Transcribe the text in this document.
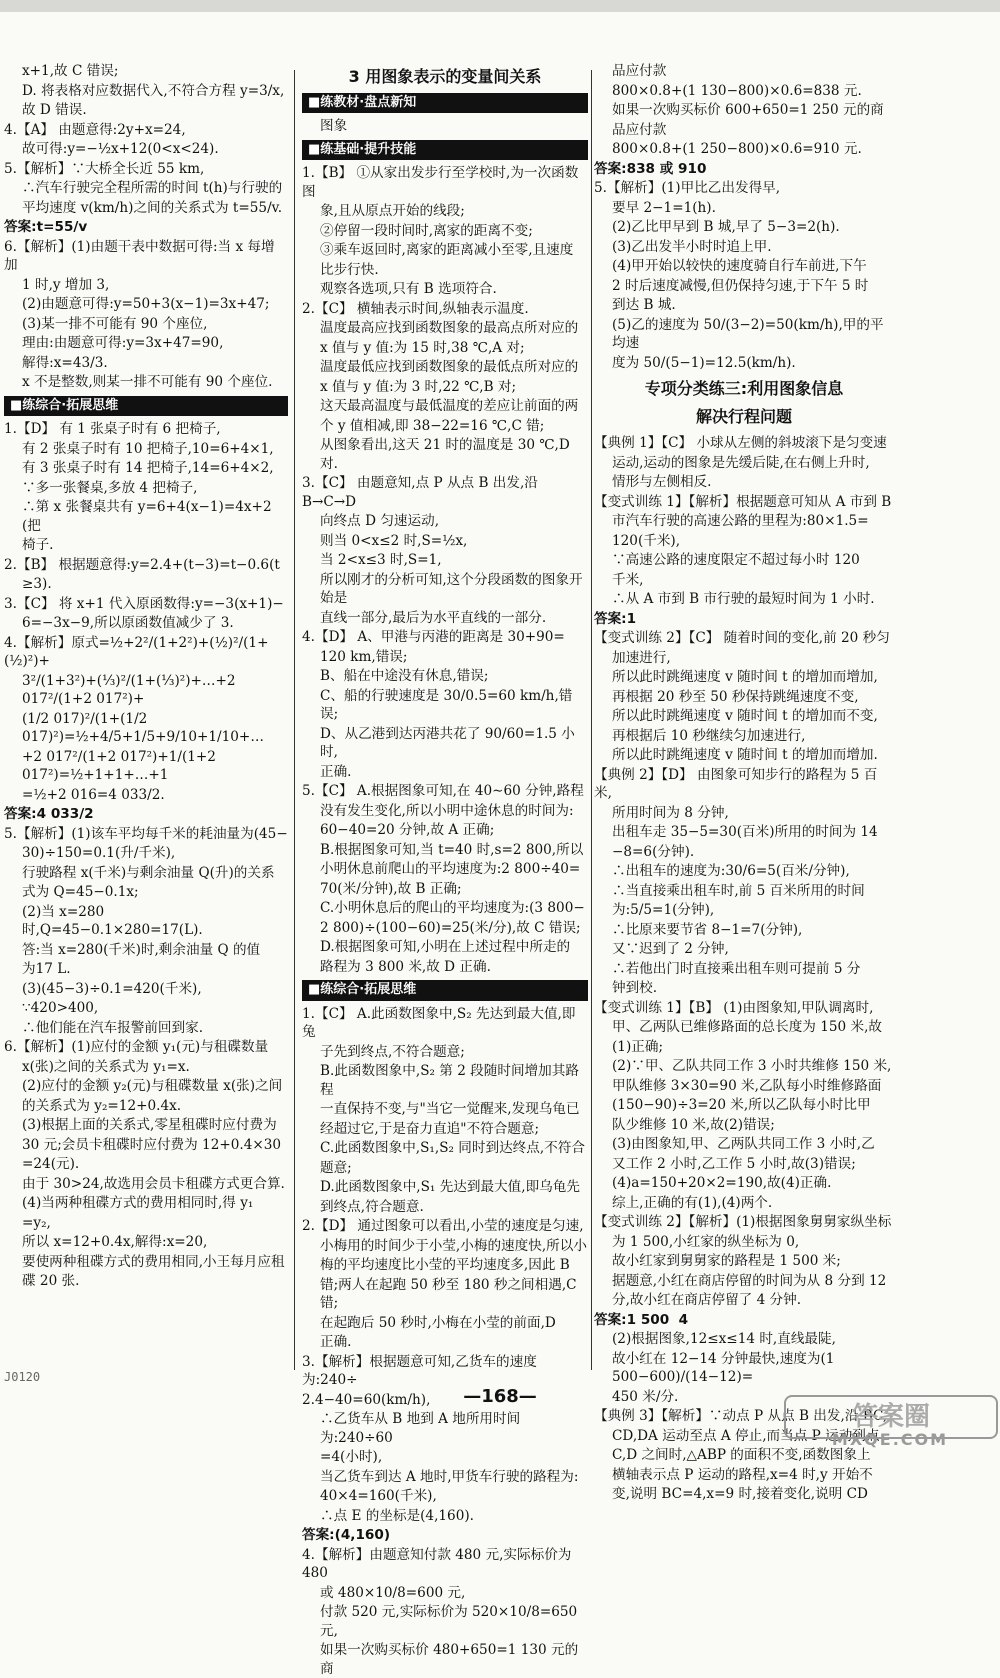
x+1,故 C 错误;
D. 将表格对应数据代入,不符合方程 y=3/x,
故 D 错误.
4.【A】 由题意得:2y+x=24,
故可得:y=−½x+12(0<x<24).
5.【解析】∵大桥全长近 55 km,
∴汽车行驶完全程所需的时间 t(h)与行驶的
平均速度 v(km/h)之间的关系式为 t=55/v.
答案:t=55/v
6.【解析】(1)由题干表中数据可得:当 x 每增加
1 时,y 增加 3,
(2)由题意可得:y=50+3(x−1)=3x+47;
(3)某一排不可能有 90 个座位,
理由:由题意可得:y=3x+47=90,
解得:x=43/3.
x 不是整数,则某一排不可能有 90 个座位.
■练综合·拓展思维
1.【D】 有 1 张桌子时有 6 把椅子,
有 2 张桌子时有 10 把椅子,10=6+4×1,
有 3 张桌子时有 14 把椅子,14=6+4×2,
∵多一张餐桌,多放 4 把椅子,
∴第 x 张餐桌共有 y=6+4(x−1)=4x+2 (把
椅子.
2.【B】 根据题意得:y=2.4+(t−3)=t−0.6(t
≥3).
3.【C】 将 x+1 代入原函数得:y=−3(x+1)−
6=−3x−9,所以原函数值减少了 3.
4.【解析】原式=½+2²/(1+2²)+(½)²/(1+(½)²)+
3²/(1+3²)+(⅓)²/(1+(⅓)²)+…+2 017²/(1+2 017²)+
(1/2 017)²/(1+(1/2 017)²)=½+4/5+1/5+9/10+1/10+…
+2 017²/(1+2 017²)+1/(1+2 017²)=½+1+1+…+1
=½+2 016=4 033/2.
答案:4 033/2
5.【解析】(1)该车平均每千米的耗油量为(45−
30)÷150=0.1(升/千米),
行驶路程 x(千米)与剩余油量 Q(升)的关系
式为 Q=45−0.1x;
(2)当 x=280 时,Q=45−0.1×280=17(L).
答:当 x=280(千米)时,剩余油量 Q 的值
为17 L.
(3)(45−3)÷0.1=420(千米),
∵420>400,
∴他们能在汽车报警前回到家.
6.【解析】(1)应付的金额 y₁(元)与租碟数量
x(张)之间的关系式为 y₁=x.
(2)应付的金额 y₂(元)与租碟数量 x(张)之间
的关系式为 y₂=12+0.4x.
(3)根据上面的关系式,零星租碟时应付费为
30 元;会员卡租碟时应付费为 12+0.4×30
=24(元).
由于 30>24,故选用会员卡租碟方式更合算.
(4)当两种租碟方式的费用相同时,得 y₁
=y₂,
所以 x=12+0.4x,解得:x=20,
要使两种租碟方式的费用相同,小王每月应租
碟 20 张.
3 用图象表示的变量间关系
■练教材·盘点新知
图象
■练基础·提升技能
1.【B】 ①从家出发步行至学校时,为一次函数图
象,且从原点开始的线段;
②停留一段时间时,离家的距离不变;
③乘车返回时,离家的距离减小至零,且速度
比步行快.
观察各选项,只有 B 选项符合.
2.【C】 横轴表示时间,纵轴表示温度.
温度最高应找到函数图象的最高点所对应的
x 值与 y 值:为 15 时,38 ℃,A 对;
温度最低应找到函数图象的最低点所对应的
x 值与 y 值:为 3 时,22 ℃,B 对;
这天最高温度与最低温度的差应让前面的两
个 y 值相减,即 38−22=16 ℃,C 错;
从图象看出,这天 21 时的温度是 30 ℃,D 对.
3.【C】 由题意知,点 P 从点 B 出发,沿 B→C→D
向终点 D 匀速运动,
则当 0<x≤2 时,S=½x,
当 2<x≤3 时,S=1,
所以刚才的分析可知,这个分段函数的图象开始是
直线一部分,最后为水平直线的一部分.
4.【D】 A、甲港与丙港的距离是 30+90=
120 km,错误;
B、船在中途没有休息,错误;
C、船的行驶速度是 30/0.5=60 km/h,错误;
D、从乙港到达丙港共花了 90/60=1.5 小时,
正确.
5.【C】 A.根据图象可知,在 40∼60 分钟,路程
没有发生变化,所以小明中途休息的时间为:
60−40=20 分钟,故 A 正确;
B.根据图象可知,当 t=40 时,s=2 800,所以
小明休息前爬山的平均速度为:2 800÷40=
70(米/分钟),故 B 正确;
C.小明休息后的爬山的平均速度为:(3 800−
2 800)÷(100−60)=25(米/分),故 C 错误;
D.根据图象可知,小明在上述过程中所走的
路程为 3 800 米,故 D 正确.
■练综合·拓展思维
1.【C】 A.此函数图象中,S₂ 先达到最大值,即兔
子先到终点,不符合题意;
B.此函数图象中,S₂ 第 2 段随时间增加其路程
一直保持不变,与"当它一觉醒来,发现乌龟已
经超过它,于是奋力直追"不符合题意;
C.此函数图象中,S₁,S₂ 同时到达终点,不符合
题意;
D.此函数图象中,S₁ 先达到最大值,即乌龟先
到终点,符合题意.
2.【D】 通过图象可以看出,小莹的速度是匀速,
小梅用的时间少于小莹,小梅的速度快,所以小
梅的平均速度比小莹的平均速度多,因此 B
错;两人在起跑 50 秒至 180 秒之间相遇,C 错;
在起跑后 50 秒时,小梅在小莹的前面,D
正确.
3.【解析】根据题意可知,乙货车的速度为:240÷
2.4−40=60(km/h),
∴乙货车从 B 地到 A 地所用时间为:240÷60
=4(小时),
当乙货车到达 A 地时,甲货车行驶的路程为:
40×4=160(千米),
∴点 E 的坐标是(4,160).
答案:(4,160)
4.【解析】由题意知付款 480 元,实际标价为 480
或 480×10/8=600 元,
付款 520 元,实际标价为 520×10/8=650 元,
如果一次购买标价 480+650=1 130 元的商
品应付款
800×0.8+(1 130−800)×0.6=838 元.
如果一次购买标价 600+650=1 250 元的商
品应付款
800×0.8+(1 250−800)×0.6=910 元.
答案:838 或 910
5.【解析】(1)甲比乙出发得早,
要早 2−1=1(h).
(2)乙比甲早到 B 城,早了 5−3=2(h).
(3)乙出发半小时时追上甲.
(4)甲开始以较快的速度骑自行车前进,下午
2 时后速度减慢,但仍保持匀速,于下午 5 时
到达 B 城.
(5)乙的速度为 50/(3−2)=50(km/h),甲的平均速
度为 50/(5−1)=12.5(km/h).
专项分类练三:利用图象信息
解决行程问题
【典例 1】【C】 小球从左侧的斜坡滚下是匀变速
运动,运动的图象是先缓后陡,在右侧上升时,
情形与左侧相反.
【变式训练 1】【解析】根据题意可知从 A 市到 B
市汽车行驶的高速公路的里程为:80×1.5=
120(千米),
∵高速公路的速度限定不超过每小时 120
千米,
∴从 A 市到 B 市行驶的最短时间为 1 小时.
答案:1
【变式训练 2】【C】 随着时间的变化,前 20 秒匀
加速进行,
所以此时跳绳速度 v 随时间 t 的增加而增加,
再根据 20 秒至 50 秒保持跳绳速度不变,
所以此时跳绳速度 v 随时间 t 的增加而不变,
再根据后 10 秒继续匀加速进行,
所以此时跳绳速度 v 随时间 t 的增加而增加.
【典例 2】【D】 由图象可知步行的路程为 5 百米,
所用时间为 8 分钟,
出租车走 35−5=30(百米)所用的时间为 14
−8=6(分钟).
∴出租车的速度为:30/6=5(百米/分钟),
∴当直接乘出租车时,前 5 百米所用的时间
为:5/5=1(分钟),
∴比原来要节省 8−1=7(分钟),
又∵迟到了 2 分钟,
∴若他出门时直接乘出租车则可提前 5 分
钟到校.
【变式训练 1】【B】 (1)由图象知,甲队调离时,
甲、乙两队已维修路面的总长度为 150 米,故
(1)正确;
(2)∵甲、乙队共同工作 3 小时共维修 150 米,
甲队维修 3×30=90 米,乙队每小时维修路面
(150−90)÷3=20 米,所以乙队每小时比甲
队少维修 10 米,故(2)错误;
(3)由图象知,甲、乙两队共同工作 3 小时,乙
又工作 2 小时,乙工作 5 小时,故(3)错误;
(4)a=150+20×2=190,故(4)正确.
综上,正确的有(1),(4)两个.
【变式训练 2】【解析】(1)根据图象舅舅家纵坐标
为 1 500,小红家的纵坐标为 0,
故小红家到舅舅家的路程是 1 500 米;
据题意,小红在商店停留的时间为从 8 分到 12
分,故小红在商店停留了 4 分钟.
答案:1 500  4
(2)根据图象,12≤x≤14 时,直线最陡,
故小红在 12−14 分钟最快,速度为(1 500−600)/(14−12)=
450 米/分.
【典例 3】【解析】∵动点 P 从点 B 出发,沿 BC,
CD,DA 运动至点 A 停止,而当点 P 运动到点
C,D 之间时,△ABP 的面积不变,函数图象上
横轴表示点 P 运动的路程,x=4 时,y 开始不
变,说明 BC=4,x=9 时,接着变化,说明 CD
J0120
—168—
答案圈
MXQE.COM
